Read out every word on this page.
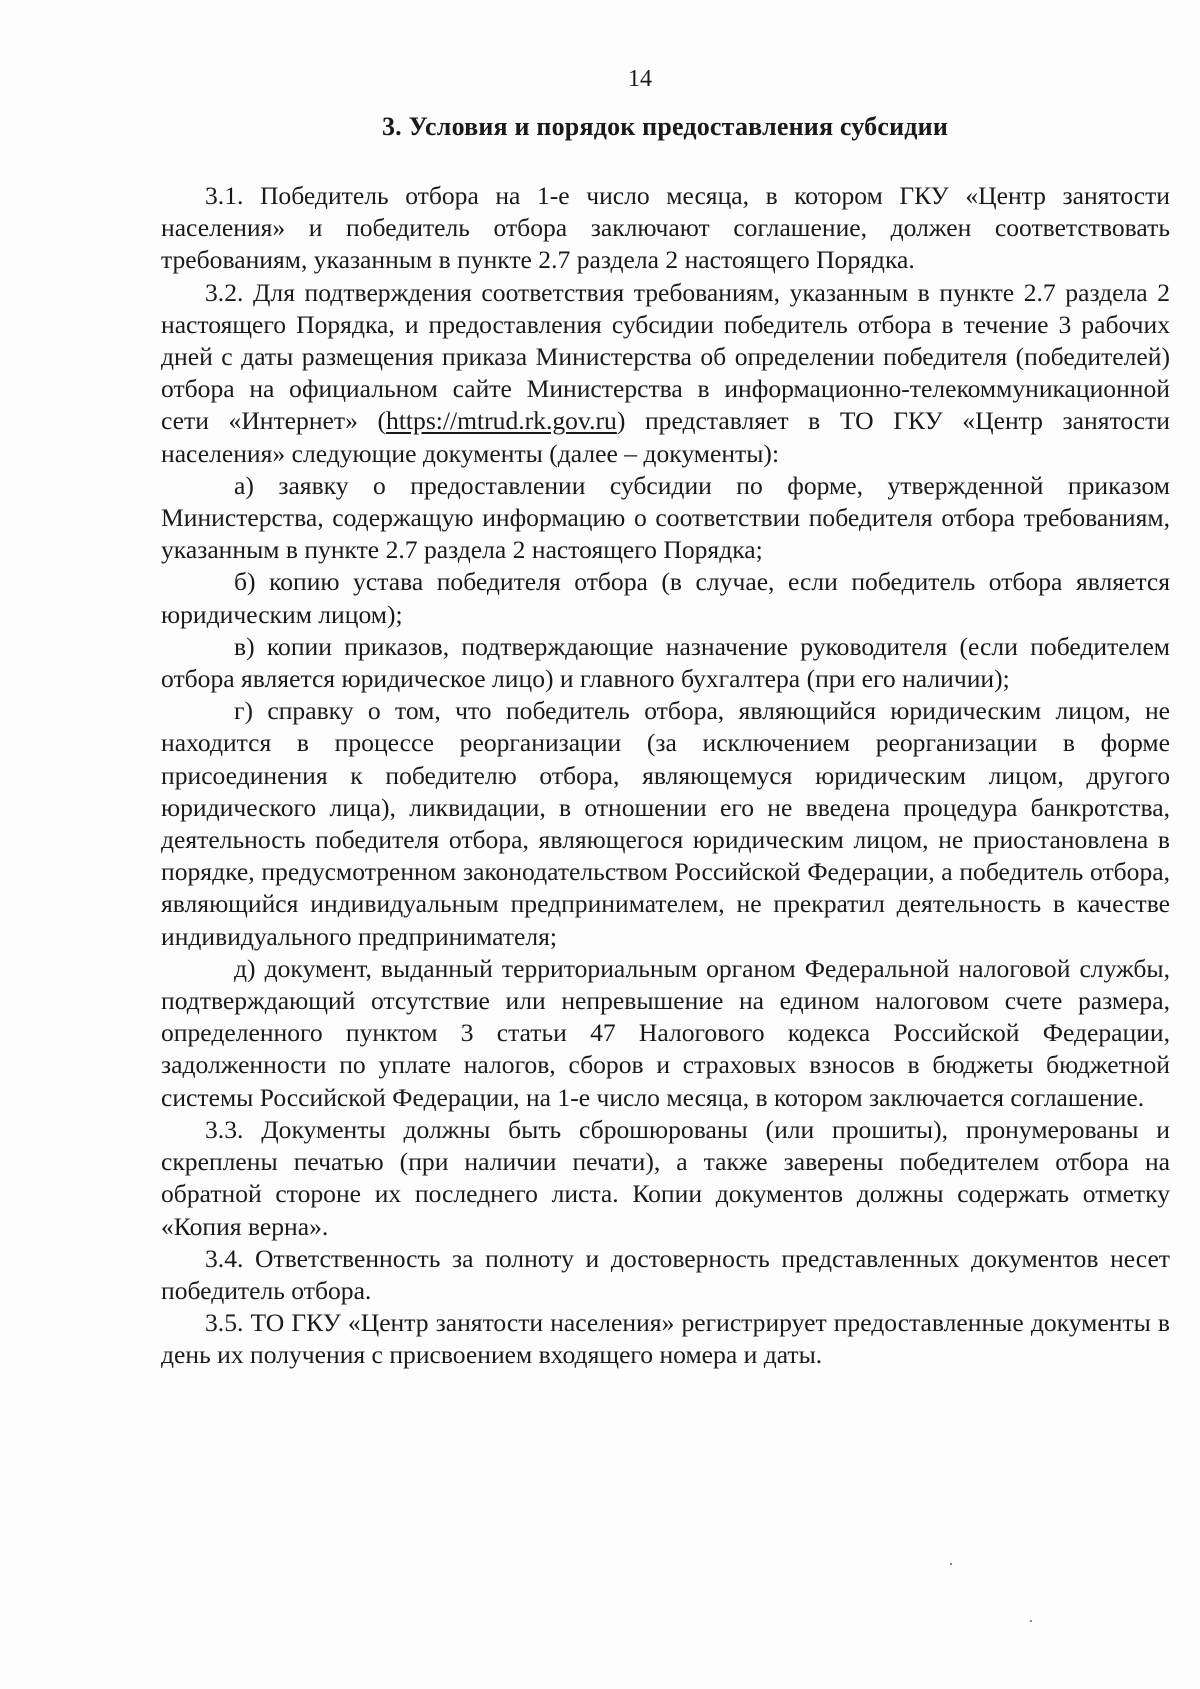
14
3. Условия и порядок предоставления субсидии

3.1. Победитель отбора на 1-е число месяца, в котором ГКУ «Центр занятости населения» и победитель отбора заключают соглашение, должен соответствовать требованиям, указанным в пункте 2.7 раздела 2 настоящего Порядка.

3.2. Для подтверждения соответствия требованиям, указанным в пункте 2.7 раздела 2 настоящего Порядка, и предоставления субсидии победитель отбора в течение 3 рабочих дней с даты размещения приказа Министерства об определении победителя (победителей) отбора на официальном сайте Министерства в информационно-телекоммуникационной сети «Интернет» (https://mtrud.rk.gov.ru) представляет в ТО ГКУ «Центр занятости населения» следующие документы (далее – документы):

а) заявку о предоставлении субсидии по форме, утвержденной приказом Министерства, содержащую информацию о соответствии победителя отбора требованиям, указанным в пункте 2.7 раздела 2 настоящего Порядка;

б) копию устава победителя отбора (в случае, если победитель отбора является юридическим лицом);

в) копии приказов, подтверждающие назначение руководителя (если победителем отбора является юридическое лицо) и главного бухгалтера (при его наличии);

г) справку о том, что победитель отбора, являющийся юридическим лицом, не находится в процессе реорганизации (за исключением реорганизации в форме присоединения к победителю отбора, являющемуся юридическим лицом, другого юридического лица), ликвидации, в отношении его не введена процедура банкротства, деятельность победителя отбора, являющегося юридическим лицом, не приостановлена в порядке, предусмотренном законодательством Российской Федерации, а победитель отбора, являющийся индивидуальным предпринимателем, не прекратил деятельность в качестве индивидуального предпринимателя;

д) документ, выданный территориальным органом Федеральной налоговой службы, подтверждающий отсутствие или непревышение на едином налоговом счете размера, определенного пунктом 3 статьи 47 Налогового кодекса Российской Федерации, задолженности по уплате налогов, сборов и страховых взносов в бюджеты бюджетной системы Российской Федерации, на 1-е число месяца, в котором заключается соглашение.

3.3. Документы должны быть сброшюрованы (или прошиты), пронумерованы и скреплены печатью (при наличии печати), а также заверены победителем отбора на обратной стороне их последнего листа. Копии документов должны содержать отметку «Копия верна».

3.4. Ответственность за полноту и достоверность представленных документов несет победитель отбора.

3.5. ТО ГКУ «Центр занятости населения» регистрирует предоставленные документы в день их получения с присвоением входящего номера и даты.
